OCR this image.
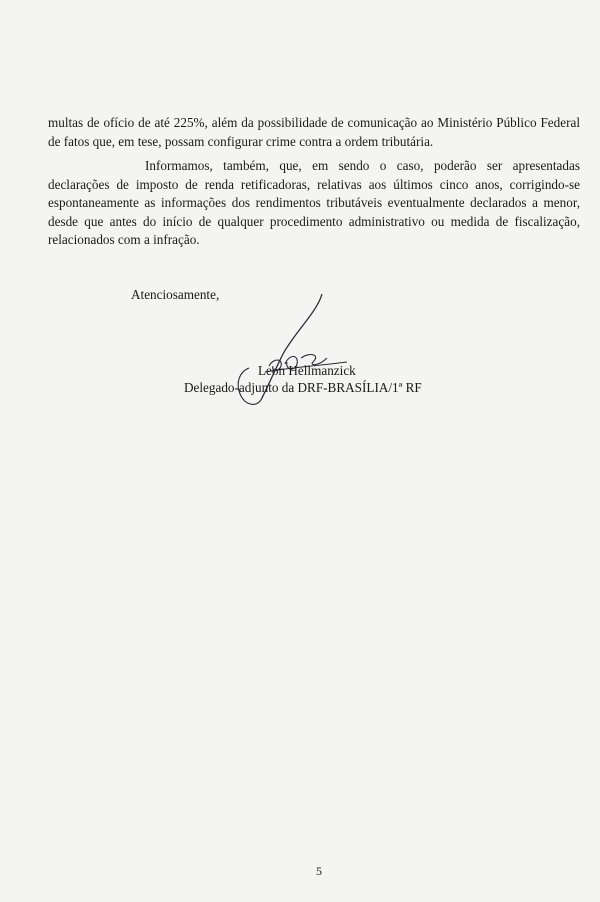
multas de ofício de até 225%, além da possibilidade de comunicação ao Ministério Público Federal de fatos que, em tese, possam configurar crime contra a ordem tributária.

Informamos, também, que, em sendo o caso, poderão ser apresentadas declarações de imposto de renda retificadoras, relativas aos últimos cinco anos, corrigindo-se espontaneamente as informações dos rendimentos tributáveis eventualmente declarados a menor, desde que antes do início de qualquer procedimento administrativo ou medida de fiscalização, relacionados com a infração.

Atenciosamente,
Leon Hellmanzick
Delegado-adjunto da DRF-BRASÍLIA/1ª RF
5
